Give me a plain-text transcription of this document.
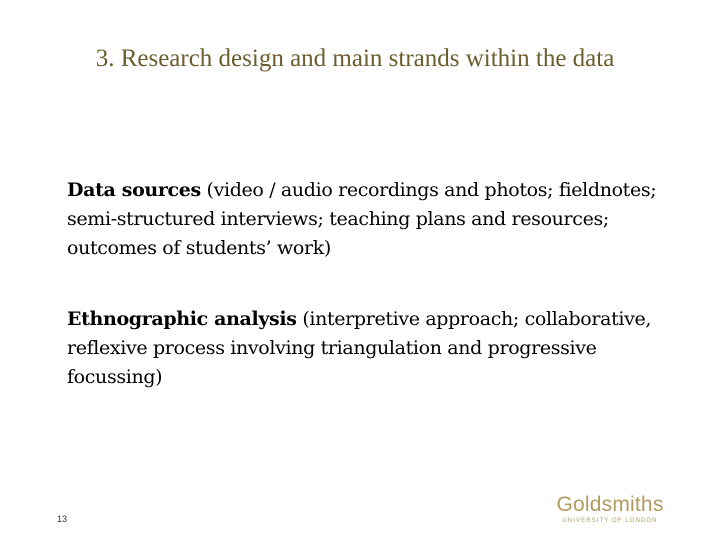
3. Research design and main strands within the data
Data sources (video / audio recordings and photos; fieldnotes; semi-structured interviews; teaching plans and resources; outcomes of students’ work)
Ethnographic analysis (interpretive approach; collaborative, reflexive process involving triangulation and progressive focussing)
13
Goldsmiths
UNIVERSITY OF LONDON
